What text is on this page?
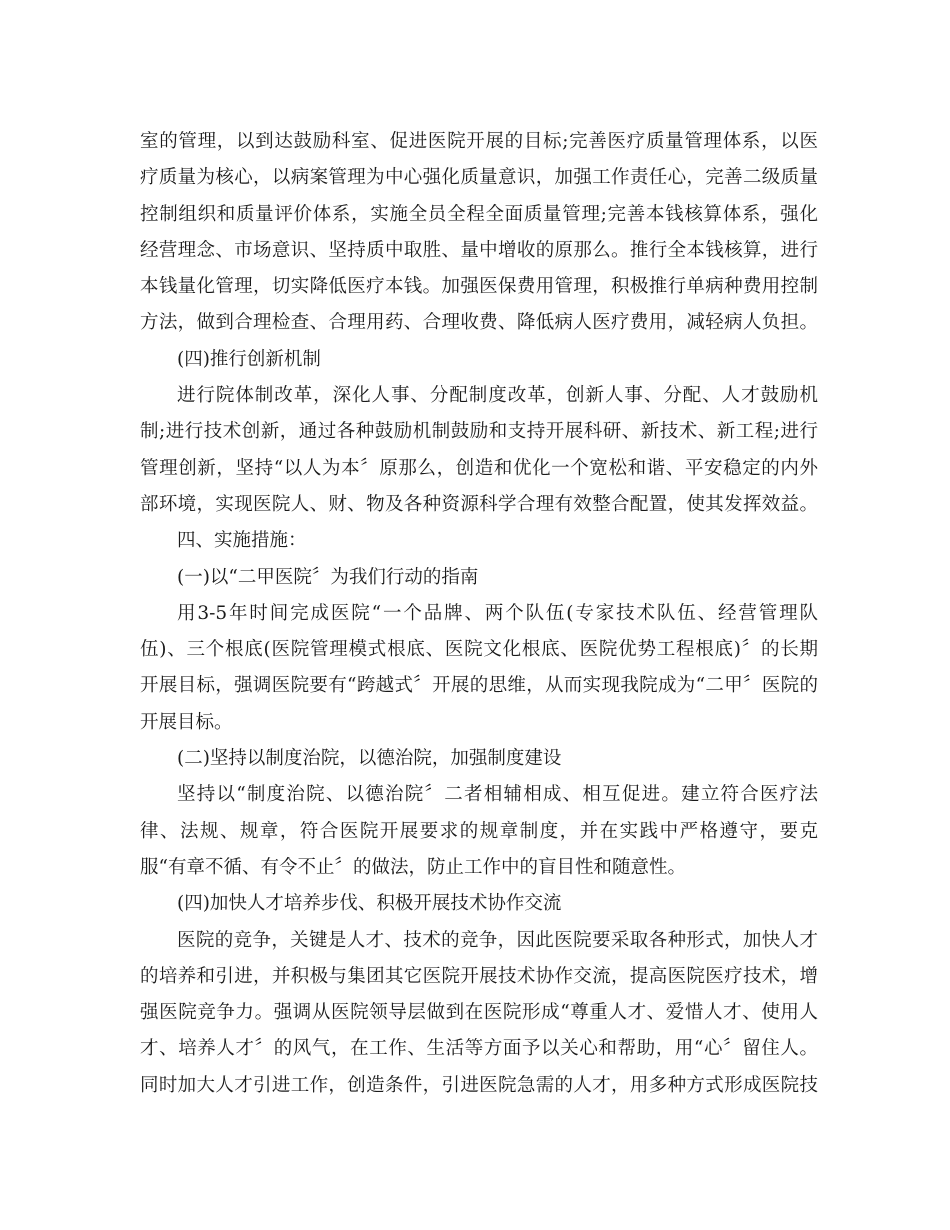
室的管理，以到达鼓励科室、促进医院开展的目标;完善医疗质量管理体系，以医
疗质量为核心，以病案管理为中心强化质量意识，加强工作责任心，完善二级质量
控制组织和质量评价体系，实施全员全程全面质量管理;完善本钱核算体系，强化
经营理念、市场意识、坚持质中取胜、量中增收的原那么。推行全本钱核算，进行
本钱量化管理，切实降低医疗本钱。加强医保费用管理，积极推行单病种费用控制
方法，做到合理检查、合理用药、合理收费、降低病人医疗费用，减轻病人负担。
(四)推行创新机制
进行院体制改革，深化人事、分配制度改革，创新人事、分配、人才鼓励机
制;进行技术创新，通过各种鼓励机制鼓励和支持开展科研、新技术、新工程;进行
管理创新，坚持“以人为本〞原那么，创造和优化一个宽松和谐、平安稳定的内外
部环境，实现医院人、财、物及各种资源科学合理有效整合配置，使其发挥效益。
四、实施措施：
(一)以“二甲医院〞为我们行动的指南
用3-5年时间完成医院“一个品牌、两个队伍(专家技术队伍、经营管理队
伍)、三个根底(医院管理模式根底、医院文化根底、医院优势工程根底)〞的长期
开展目标，强调医院要有“跨越式〞开展的思维，从而实现我院成为“二甲〞医院的
开展目标。
(二)坚持以制度治院，以德治院，加强制度建设
坚持以“制度治院、以德治院〞二者相辅相成、相互促进。建立符合医疗法
律、法规、规章，符合医院开展要求的规章制度，并在实践中严格遵守，要克
服“有章不循、有令不止〞的做法，防止工作中的盲目性和随意性。
(四)加快人才培养步伐、积极开展技术协作交流
医院的竞争，关键是人才、技术的竞争，因此医院要采取各种形式，加快人才
的培养和引进，并积极与集团其它医院开展技术协作交流，提高医院医疗技术，增
强医院竞争力。强调从医院领导层做到在医院形成“尊重人才、爱惜人才、使用人
才、培养人才〞的风气，在工作、生活等方面予以关心和帮助，用“心〞留住人。
同时加大人才引进工作，创造条件，引进医院急需的人才，用多种方式形成医院技
